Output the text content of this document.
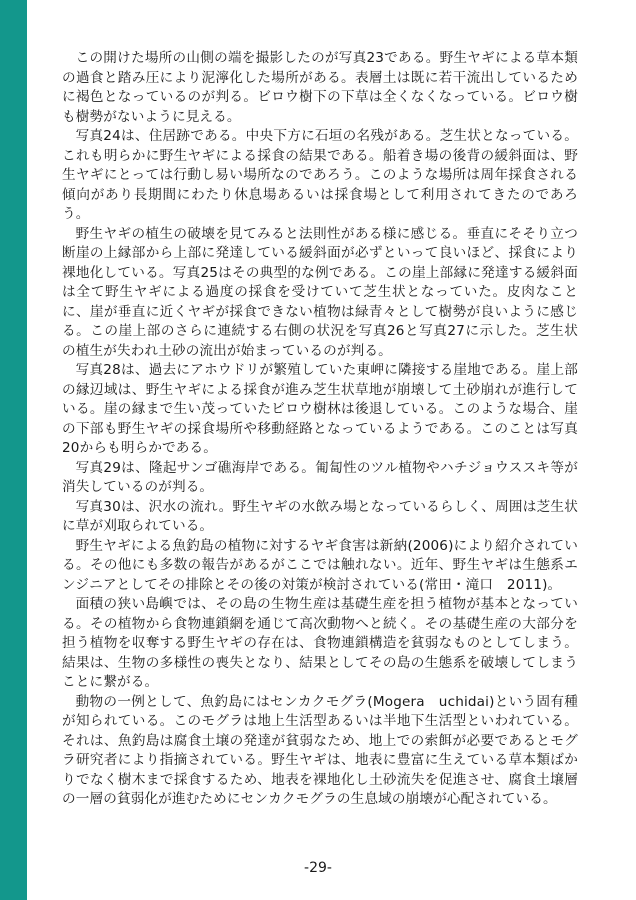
この開けた場所の山側の端を撮影したのが写真23である。野生ヤギによる草本類の過食と踏み圧により泥濘化した場所がある。表層土は既に若干流出しているために褐色となっているのが判る。ビロウ樹下の下草は全くなくなっている。ビロウ樹も樹勢がないように見える。

写真24は、住居跡である。中央下方に石垣の名残がある。芝生状となっている。これも明らかに野生ヤギによる採食の結果である。船着き場の後背の緩斜面は、野生ヤギにとっては行動し易い場所なのであろう。このような場所は周年採食される傾向があり長期間にわたり休息場あるいは採食場として利用されてきたのであろう。

野生ヤギの植生の破壊を見てみると法則性がある様に感じる。垂直にそそり立つ断崖の上縁部から上部に発達している緩斜面が必ずといって良いほど、採食により裸地化している。写真25はその典型的な例である。この崖上部縁に発達する緩斜面は全て野生ヤギによる過度の採食を受けていて芝生状となっていた。皮肉なことに、崖が垂直に近くヤギが採食できない植物は緑青々として樹勢が良いように感じる。この崖上部のさらに連続する右側の状況を写真26と写真27に示した。芝生状の植生が失われ土砂の流出が始まっているのが判る。

写真28は、過去にアホウドリが繁殖していた東岬に隣接する崖地である。崖上部の縁辺域は、野生ヤギによる採食が進み芝生状草地が崩壊して土砂崩れが進行している。崖の縁まで生い茂っていたビロウ樹林は後退している。このような場合、崖の下部も野生ヤギの採食場所や移動経路となっているようである。このことは写真20からも明らかである。

写真29は、隆起サンゴ礁海岸である。匍匐性のツル植物やハチジョウススキ等が消失しているのが判る。

写真30は、沢水の流れ。野生ヤギの水飲み場となっているらしく、周囲は芝生状に草が刈取られている。

野生ヤギによる魚釣島の植物に対するヤギ食害は新納(2006)により紹介されている。その他にも多数の報告があるがここでは触れない。近年、野生ヤギは生態系エンジニアとしてその排除とその後の対策が検討されている(常田・滝口　2011)。

面積の狭い島嶼では、その島の生物生産は基礎生産を担う植物が基本となっている。その植物から食物連鎖網を通じて高次動物へと続く。その基礎生産の大部分を担う植物を収奪する野生ヤギの存在は、食物連鎖構造を貧弱なものとしてしまう。結果は、生物の多様性の喪失となり、結果としてその島の生態系を破壊してしまうことに繋がる。

動物の一例として、魚釣島にはセンカクモグラ(Mogera　uchidai)という固有種が知られている。このモグラは地上生活型あるいは半地下生活型といわれている。それは、魚釣島は腐食土壌の発達が貧弱なため、地上での索餌が必要であるとモグラ研究者により指摘されている。野生ヤギは、地表に豊富に生えている草本類ばかりでなく樹木まで採食するため、地表を裸地化し土砂流失を促進させ、腐食土壌層の一層の貧弱化が進むためにセンカクモグラの生息域の崩壊が心配されている。

-29-
